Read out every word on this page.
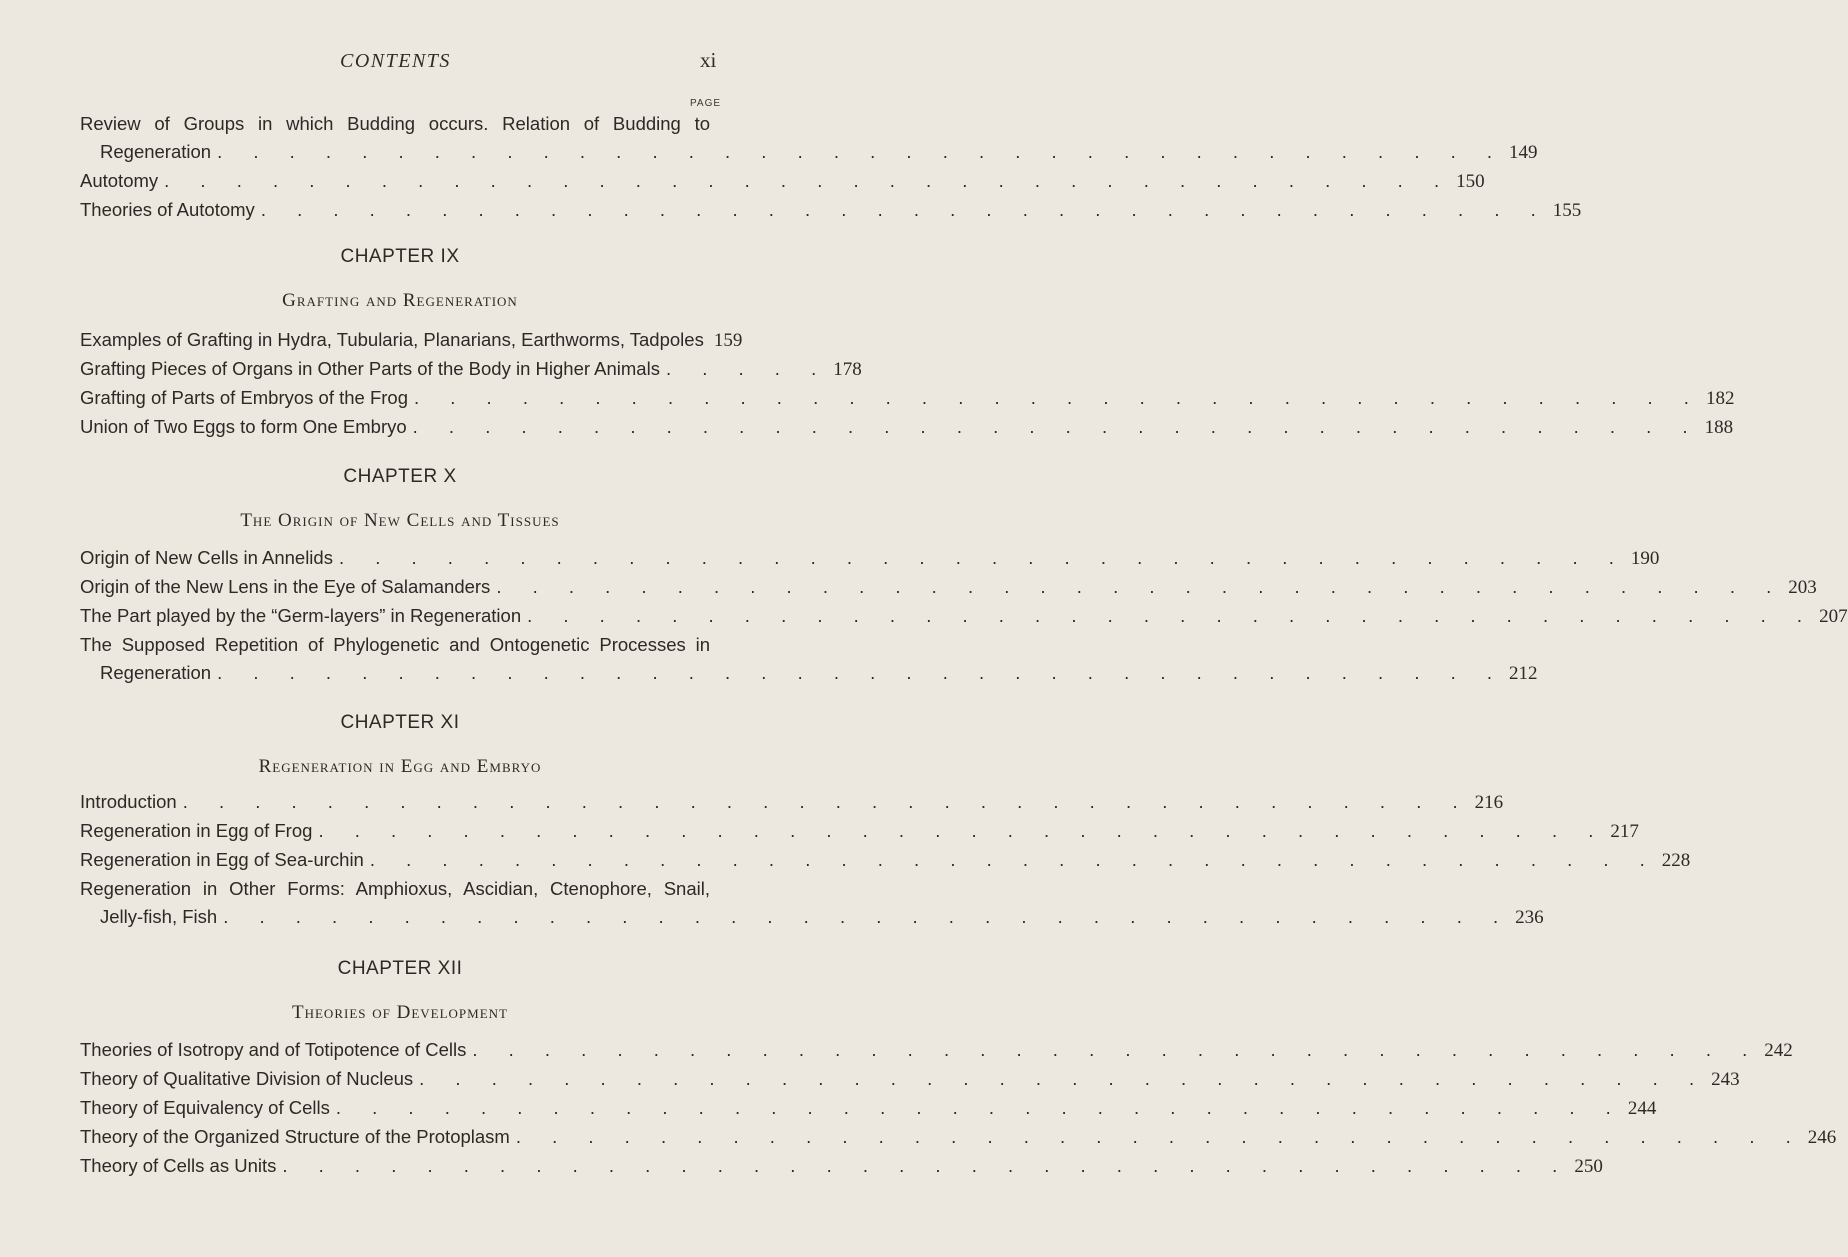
CONTENTS	xi
PAGE
Review of Groups in which Budding occurs. Relation of Budding to
Regeneration . . . . . . . . . . . . . . . . . . . . . . . . . . . . . . . . . . . . 149
Autotomy . . . . . . . . . . . . . . . . . . . . . . . . . . . . . . . . . . . . 150
Theories of Autotomy . . . . . . . . . . . . . . . . . . . . . . . . . . . . . . . . . . . . 155
CHAPTER IX
Grafting and Regeneration
Examples of Grafting in Hydra, Tubularia, Planarians, Earthworms, Tadpoles 159
Grafting Pieces of Organs in Other Parts of the Body in Higher Animals . . . . . 178
Grafting of Parts of Embryos of the Frog . . . . . . . . . . . . . . . . . . . . . . . . . . . . . . . . . . . . 182
Union of Two Eggs to form One Embryo . . . . . . . . . . . . . . . . . . . . . . . . . . . . . . . . . . . . 188
CHAPTER X
The Origin of New Cells and Tissues
Origin of New Cells in Annelids . . . . . . . . . . . . . . . . . . . . . . . . . . . . . . . . . . . . 190
Origin of the New Lens in the Eye of Salamanders . . . . . . . . . . . . . . . . . . . . . . . . . . . . . . . . . . . . 203
The Part played by the “Germ-layers” in Regeneration . . . . . . . . . . . . . . . . . . . . . . . . . . . . . . . . . . . . 207
The Supposed Repetition of Phylogenetic and Ontogenetic Processes in
Regeneration . . . . . . . . . . . . . . . . . . . . . . . . . . . . . . . . . . . . 212
CHAPTER XI
Regeneration in Egg and Embryo
Introduction . . . . . . . . . . . . . . . . . . . . . . . . . . . . . . . . . . . . 216
Regeneration in Egg of Frog . . . . . . . . . . . . . . . . . . . . . . . . . . . . . . . . . . . . 217
Regeneration in Egg of Sea-urchin . . . . . . . . . . . . . . . . . . . . . . . . . . . . . . . . . . . . 228
Regeneration in Other Forms: Amphioxus, Ascidian, Ctenophore, Snail,
Jelly-fish, Fish . . . . . . . . . . . . . . . . . . . . . . . . . . . . . . . . . . . . 236
CHAPTER XII
Theories of Development
Theories of Isotropy and of Totipotence of Cells . . . . . . . . . . . . . . . . . . . . . . . . . . . . . . . . . . . . 242
Theory of Qualitative Division of Nucleus . . . . . . . . . . . . . . . . . . . . . . . . . . . . . . . . . . . . 243
Theory of Equivalency of Cells . . . . . . . . . . . . . . . . . . . . . . . . . . . . . . . . . . . . 244
Theory of the Organized Structure of the Protoplasm . . . . . . . . . . . . . . . . . . . . . . . . . . . . . . . . . . . . 246
Theory of Cells as Units . . . . . . . . . . . . . . . . . . . . . . . . . . . . . . . . . . . . 250
